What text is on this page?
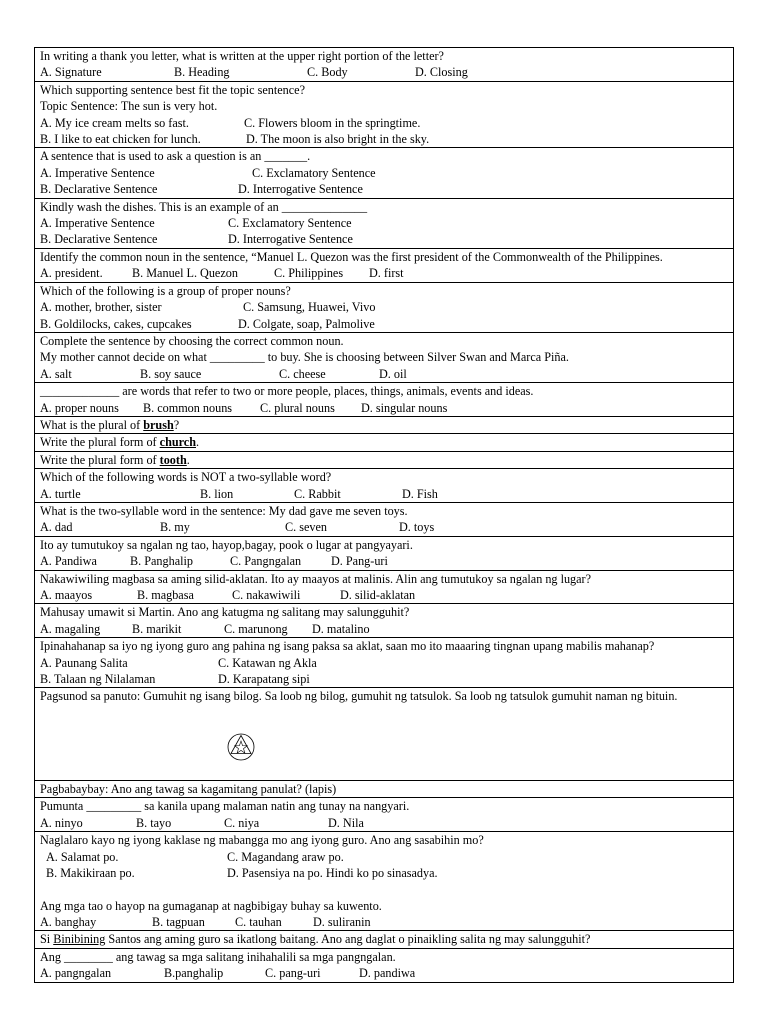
In writing a thank you letter, what is written at the upper right portion of the letter?
A. Signature	B. Heading	C. Body	D. Closing

Which supporting sentence best fit the topic sentence?
Topic Sentence: The sun is very hot.
A. My ice cream melts so fast.	C. Flowers bloom in the springtime.
B. I like to eat chicken for lunch.	D. The moon is also bright in the sky.

A sentence that is used to ask a question is an _______.
A. Imperative Sentence	C. Exclamatory Sentence
B. Declarative Sentence	D. Interrogative Sentence

Kindly wash the dishes. This is an example of an ______________
A. Imperative Sentence	C. Exclamatory Sentence
B. Declarative Sentence	D. Interrogative Sentence

Identify the common noun in the sentence, “Manuel L. Quezon was the first president of the Commonwealth of the Philippines.
A. president. B. Manuel L. Quezon	C. Philippines D. first

Which of the following is a group of proper nouns?
A. mother, brother, sister	C. Samsung, Huawei, Vivo
B. Goldilocks, cakes, cupcakes	D. Colgate, soap, Palmolive

Complete the sentence by choosing the correct common noun.
My mother cannot decide on what _________ to buy. She is choosing between Silver Swan and Marca Piña.
A. salt	B. soy sauce	C. cheese	D. oil

_____________ are words that refer to two or more people, places, things, animals, events and ideas.
A. proper nouns B. common nouns C. plural nouns D. singular nouns

What is the plural of brush?

Write the plural form of church.

Write the plural form of tooth.

Which of the following words is NOT a two-syllable word?
A. turtle	B. lion	C. Rabbit	D. Fish

What is the two-syllable word in the sentence: My dad gave me seven toys.
A. dad	B. my	C. seven	D. toys

Ito ay tumutukoy sa ngalan ng tao, hayop,bagay, pook o lugar at pangyayari.
A. Pandiwa	B. Panghalip	C. Pangngalan D. Pang-uri

Nakawiwiling magbasa sa aming silid-aklatan. Ito ay maayos at malinis. Alin ang tumutukoy sa ngalan ng lugar?
A. maayos	B. magbasa	C. nakawiwili	D. silid-aklatan

Mahusay umawit si Martin. Ano ang katugma ng salitang may salungguhit?
A. magaling	B. marikit	C. marunong D. matalino

Ipinahahanap sa iyo ng iyong guro ang pahina ng isang paksa sa aklat, saan mo ito maaaring tingnan upang mabilis mahanap?
A. Paunang Salita	C. Katawan ng Akla
B. Talaan ng Nilalaman	D. Karapatang sipi

Pagsunod sa panuto: Gumuhit ng isang bilog. Sa loob ng bilog, gumuhit ng tatsulok. Sa loob ng tatsulok gumuhit naman ng bituin.

Pagbabaybay: Ano ang tawag sa kagamitang panulat? (lapis)

Pumunta _________ sa kanila upang malaman natin ang tunay na nangyari.
A. ninyo	B. tayo	C. niya	D. Nila

Naglalaro kayo ng iyong kaklase ng mabangga mo ang iyong guro. Ano ang sasabihin mo?
A. Salamat po.	C. Magandang araw po.
B. Makikiraan po.	D. Pasensiya na po. Hindi ko po sinasadya.
Ang mga tao o hayop na gumaganap at nagbibigay buhay sa kuwento.
A. banghay	B. tagpuan C. tauhan	D. suliranin

Si Binibining Santos ang aming guro sa ikatlong baitang. Ano ang daglat o pinaikling salita ng may salungguhit?

Ang ________ ang tawag sa mga salitang inihahalili sa mga pangngalan.
A. pangngalan	B.panghalip	C. pang-uri	D. pandiwa
